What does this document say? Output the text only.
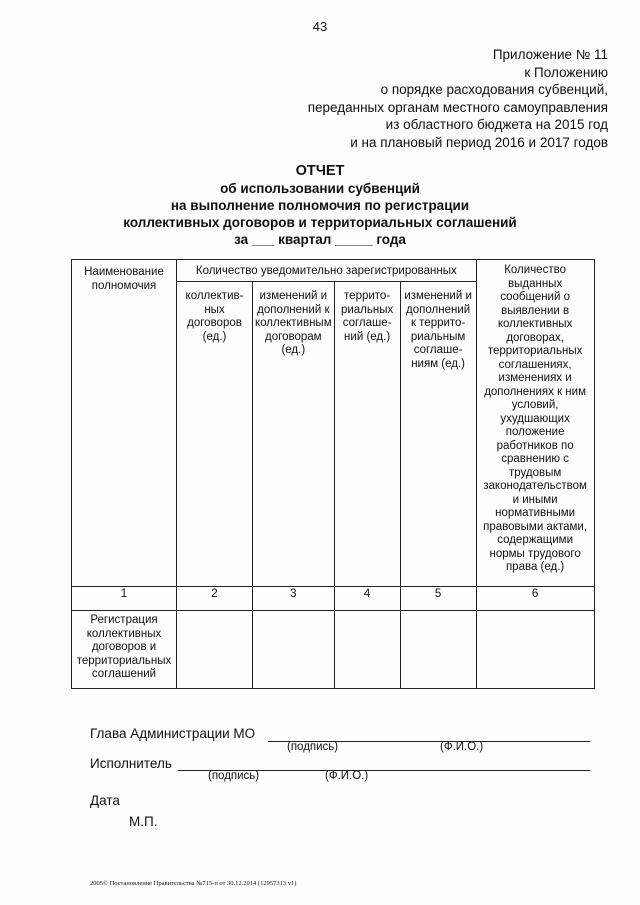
43
Приложение № 11
к Положению
о порядке расходования субвенций,
переданных органам местного самоуправления
из областного бюджета на 2015 год
и на плановый период 2016 и 2017 годов
ОТЧЕТ
об использовании субвенций
на выполнение полномочия по регистрации
коллективных договоров и территориальных соглашений
за ___ квартал _____ года
Наименование полномочия	Количество уведомительно зарегистрированных				Количество выданных сообщений о выявлении в коллективных договорах, территориальных соглашениях, изменениях и дополнениях к ним условий, ухудшающих положение работников по сравнению с трудовым законодательством и иными нормативными правовыми актами, содержащими нормы трудового права (ед.)
	коллектив-ных договоров (ед.)	изменений и дополнений к коллективным договорам (ед.)	террито-риальных соглаше-ний (ед.)	изменений и дополнений к террито-риальным соглаше-ниям (ед.)	
1	2	3	4	5	6
Регистрация коллективных договоров и территориальных соглашений					
Глава Администрации МО
(подпись)	(Ф.И.О.)
Исполнитель
(подпись)	(Ф.И.О.)
Дата
М.П.
2005© Постановление Правительства №715-п от 30.12.2014 (12957313 v1)
